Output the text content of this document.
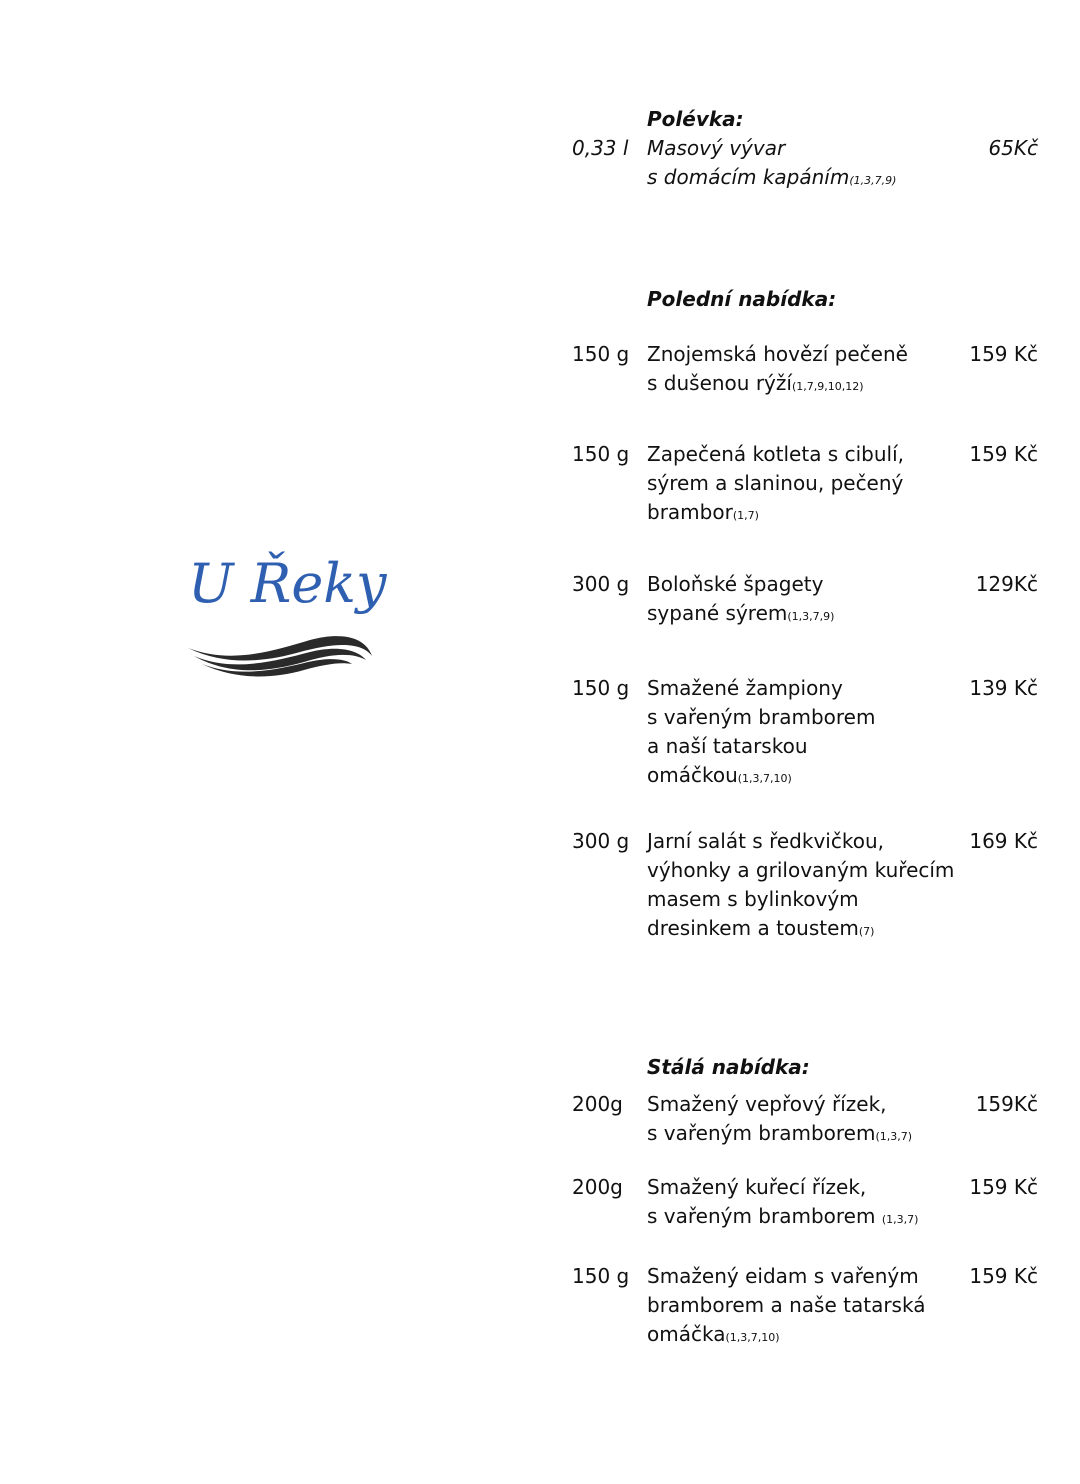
U Řeky
Polévka:
0,33 l Masový vývar
s domácím kapáním(1,3,7,9)
65Kč
Polední nabídka:
150 g Znojemská hovězí pečeně
s dušenou rýží(1,7,9,10,12)
159 Kč
150 g Zapečená kotleta s cibulí,
sýrem a slaninou, pečený
brambor(1,7)
159 Kč
300 g Boloňské špagety
sypané sýrem(1,3,7,9)
129Kč
150 g Smažené žampiony
s vařeným bramborem
a naší tatarskou
omáčkou(1,3,7,10)
139 Kč
300 g Jarní salát s ředkvičkou,
výhonky a grilovaným kuřecím
masem s bylinkovým
dresinkem a toustem(7)
169 Kč
Stálá nabídka:
200g Smažený vepřový řízek,
s vařeným bramborem(1,3,7)
159Kč
200g Smažený kuřecí řízek,
s vařeným bramborem (1,3,7)
159 Kč
150 g Smažený eidam s vařeným
bramborem a naše tatarská
omáčka(1,3,7,10)
159 Kč
